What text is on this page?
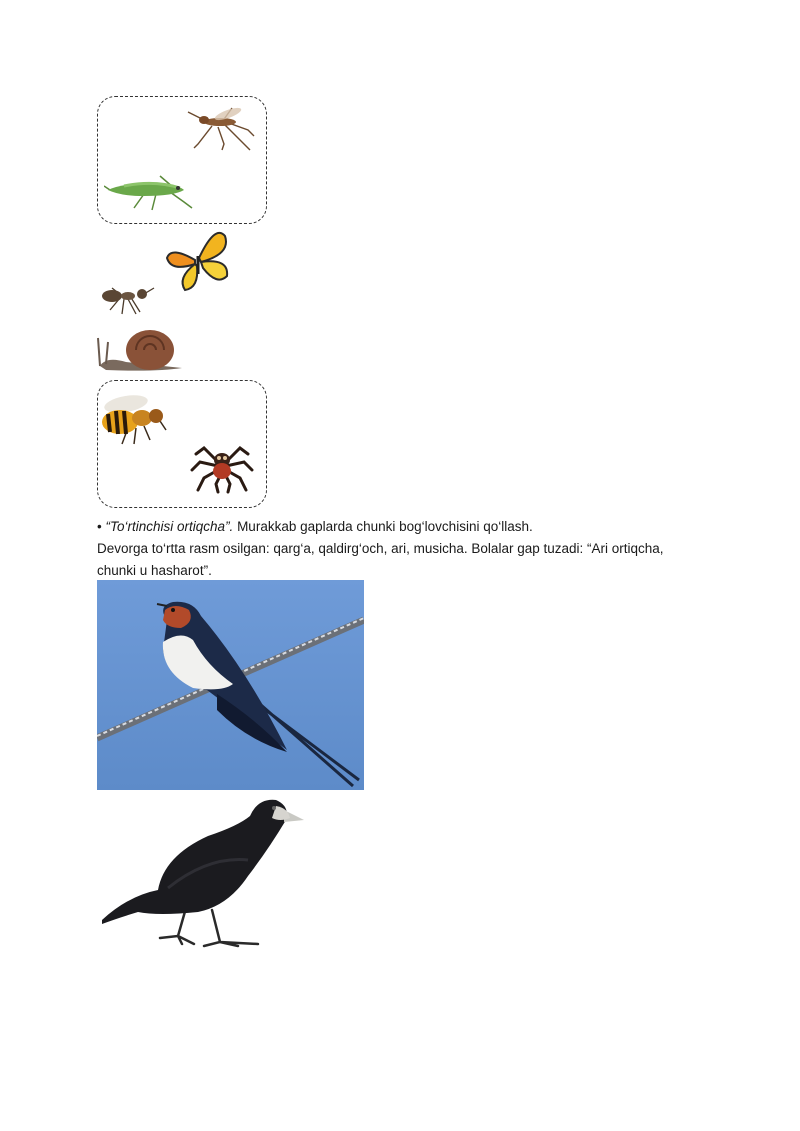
• “To‘rtinchisi ortiqcha”. Murakkab gaplarda chunki bog‘lovchisini qo‘llash.
Devorga to‘rtta rasm osilgan: qarg‘a, qaldirg‘och, ari, musicha. Bolalar gap tuzadi: “Ari ortiqcha,
chunki u hasharot”.
